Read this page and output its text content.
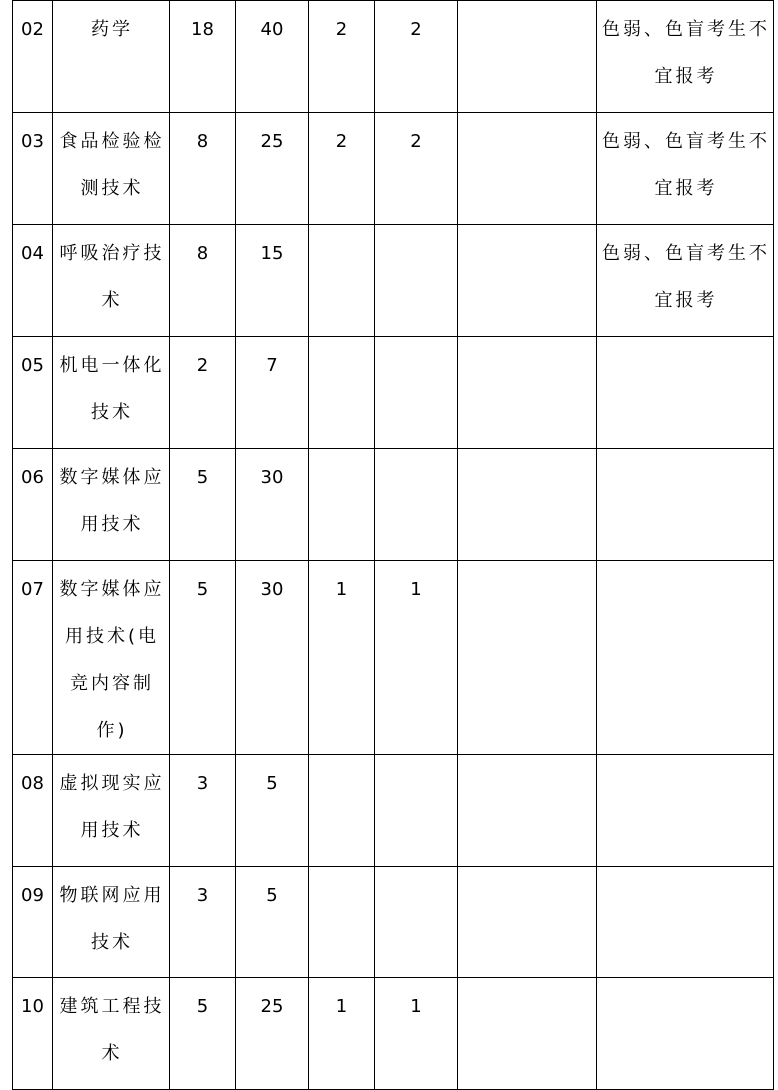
02	药学	18	40	2	2		色弱、色盲考生不宜报考

03	食品检验检测技术	8	25	2	2		色弱、色盲考生不宜报考

04	呼吸治疗技术	8	15				色弱、色盲考生不宜报考

05	机电一体化技术	2	7				

06	数字媒体应用技术	5	30				

07	数字媒体应用技术(电竞内容制作)	5	30	1	1		

08	虚拟现实应用技术	3	5				

09	物联网应用技术	3	5				

10	建筑工程技术	5	25	1	1		
